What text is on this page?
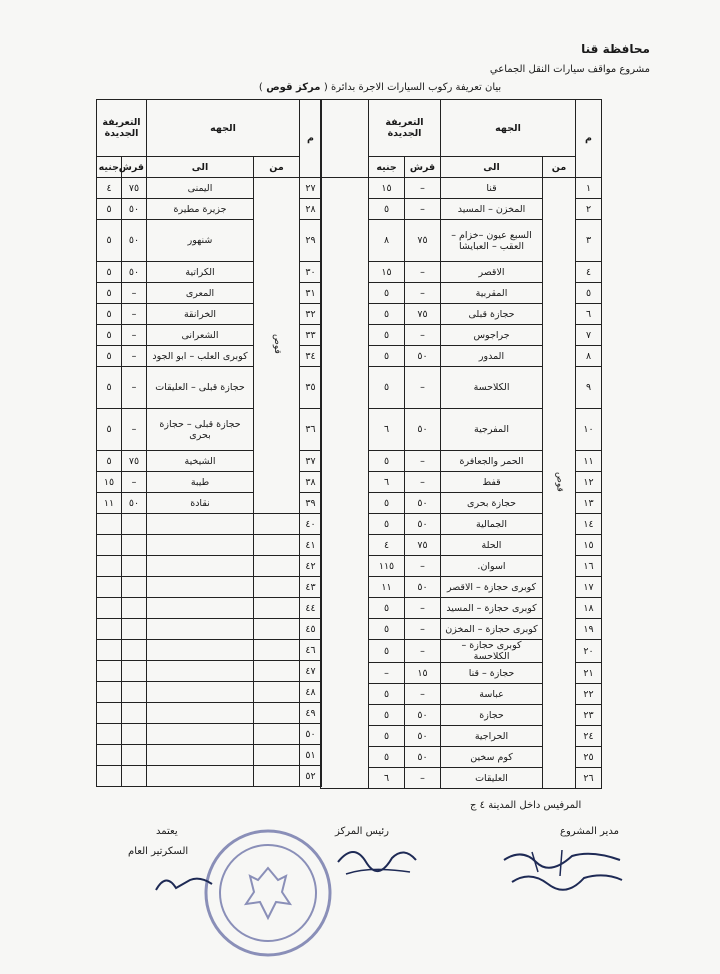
محافظة قنا
مشروع مواقف سيارات النقل الجماعي
بيان تعريفة ركوب السيارات الاجرة بدائرة ( مركز قوص )
م	الجهه		التعريفة الجديدة		
	من	الى	قرش	جنيه	
١	قوص	قنا	–	١٥	
٢		المخزن – المسيد	–	٥	
٣		السبع عيون –خزام – العقب – العبايشا	٧٥	٨	
٤		الاقصر	–	١٥	
٥		المقربية	–	٥	
٦		حجازة قبلى	٧٥	٥	
٧		جراجوس	–	٥	
٨		المدور	٥٠	٥	
٩		الكلاحسة	–	٥	
١٠		المفرجية	٥٠	٦	
١١		الحمر والجعافرة	–	٥	
١٢		قفط	–	٦	
١٣		حجازة بحرى	٥٠	٥	
١٤		الجمالية	٥٠	٥	
١٥		الحلة	٧٥	٤	
١٦		اسوان.	–	١١٥	
١٧		كوبرى حجازة – الاقصر	٥٠	١١	
١٨		كوبرى حجازة – المسيد	–	٥	
١٩		كوبرى حجازة – المخزن	–	٥	
٢٠		كوبرى حجازة – الكلاحسة	–	٥	
٢١		حجازة – قنا	١٥	–	
٢٢		عباسة	–	٥	
٢٣		حجازة	٥٠	٥	
٢٤		الحراجية	٥٠	٥	
٢٥		كوم سخين	٥٠	٥	
٢٦		العليقات	–	٦	
م	الجهه		التعريفة الجديدة	
	من	الى	قرش	جنيه
٢٧	قوص	اليمنى	٧٥	٤
٢٨		جزيرة مطيرة	٥٠	٥
٢٩		شنهور	٥٠	٥
٣٠		الكراتية	٥٠	٥
٣١		المعرى	–	٥
٣٢		الخرانقة	–	٥
٣٣		الشعرانى	–	٥
٣٤		كوبرى العلب – ابو الجود	–	٥
٣٥		حجازة قبلى – العليقات	–	٥
٣٦		حجازة قبلى – حجازة بحرى	–	٥
٣٧		الشيخية	٧٥	٥
٣٨		طيبة	–	١٥
٣٩		نقادة	٥٠	١١
٤٠				
٤١				
٤٢				
٤٣				
٤٤				
٤٥				
٤٦				
٤٧				
٤٨				
٤٩				
٥٠				
٥١				
٥٢				
المرفيس داخل المدينة ٤ ج
مدير المشروع
رئيس المركز
يعتمد
السكرتير العام
